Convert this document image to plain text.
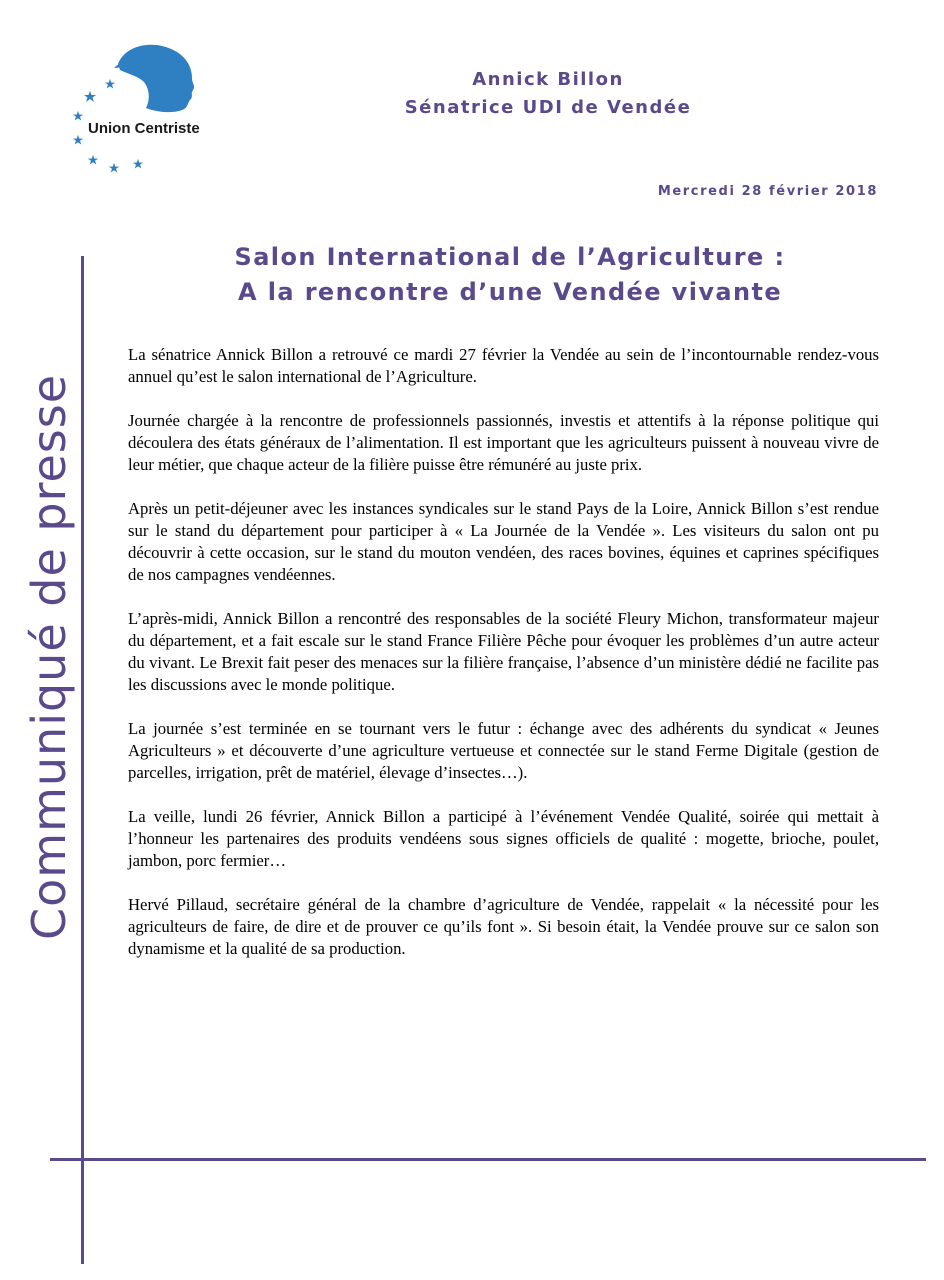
Union Centriste
Annick Billon
Sénatrice UDI de Vendée
Mercredi 28 février 2018
Salon International de l’Agriculture :
A la rencontre d’une Vendée vivante
Communiqué de presse

La sénatrice Annick Billon a retrouvé ce mardi 27 février la Vendée au sein de l’incontournable rendez-vous annuel qu’est le salon international de l’Agriculture.

Journée chargée à la rencontre de professionnels passionnés, investis et attentifs à la réponse politique qui découlera des états généraux de l’alimentation. Il est important que les agriculteurs puissent à nouveau vivre de leur métier, que chaque acteur de la filière puisse être rémunéré au juste prix.

Après un petit-déjeuner avec les instances syndicales sur le stand Pays de la Loire, Annick Billon s’est rendue sur le stand du département pour participer à « La Journée de la Vendée ». Les visiteurs du salon ont pu découvrir à cette occasion, sur le stand du mouton vendéen, des races bovines, équines et caprines spécifiques de nos campagnes vendéennes.

L’après-midi, Annick Billon a rencontré des responsables de la société Fleury Michon, transformateur majeur du département, et a fait escale sur le stand France Filière Pêche pour évoquer les problèmes d’un autre acteur du vivant. Le Brexit fait peser des menaces sur la filière française, l’absence d’un ministère dédié ne facilite pas les discussions avec le monde politique.

La journée s’est terminée en se tournant vers le futur : échange avec des adhérents du syndicat « Jeunes Agriculteurs » et découverte d’une agriculture vertueuse et connectée sur le stand Ferme Digitale (gestion de parcelles, irrigation, prêt de matériel, élevage d’insectes…).

La veille, lundi 26 février, Annick Billon a participé à l’événement Vendée Qualité, soirée qui mettait à l’honneur les partenaires des produits vendéens sous signes officiels de qualité : mogette, brioche, poulet, jambon, porc fermier…

Hervé Pillaud, secrétaire général de la chambre d’agriculture de Vendée, rappelait « la nécessité pour les agriculteurs de faire, de dire et de prouver ce qu’ils font ». Si besoin était, la Vendée prouve sur ce salon son dynamisme et la qualité de sa production.
